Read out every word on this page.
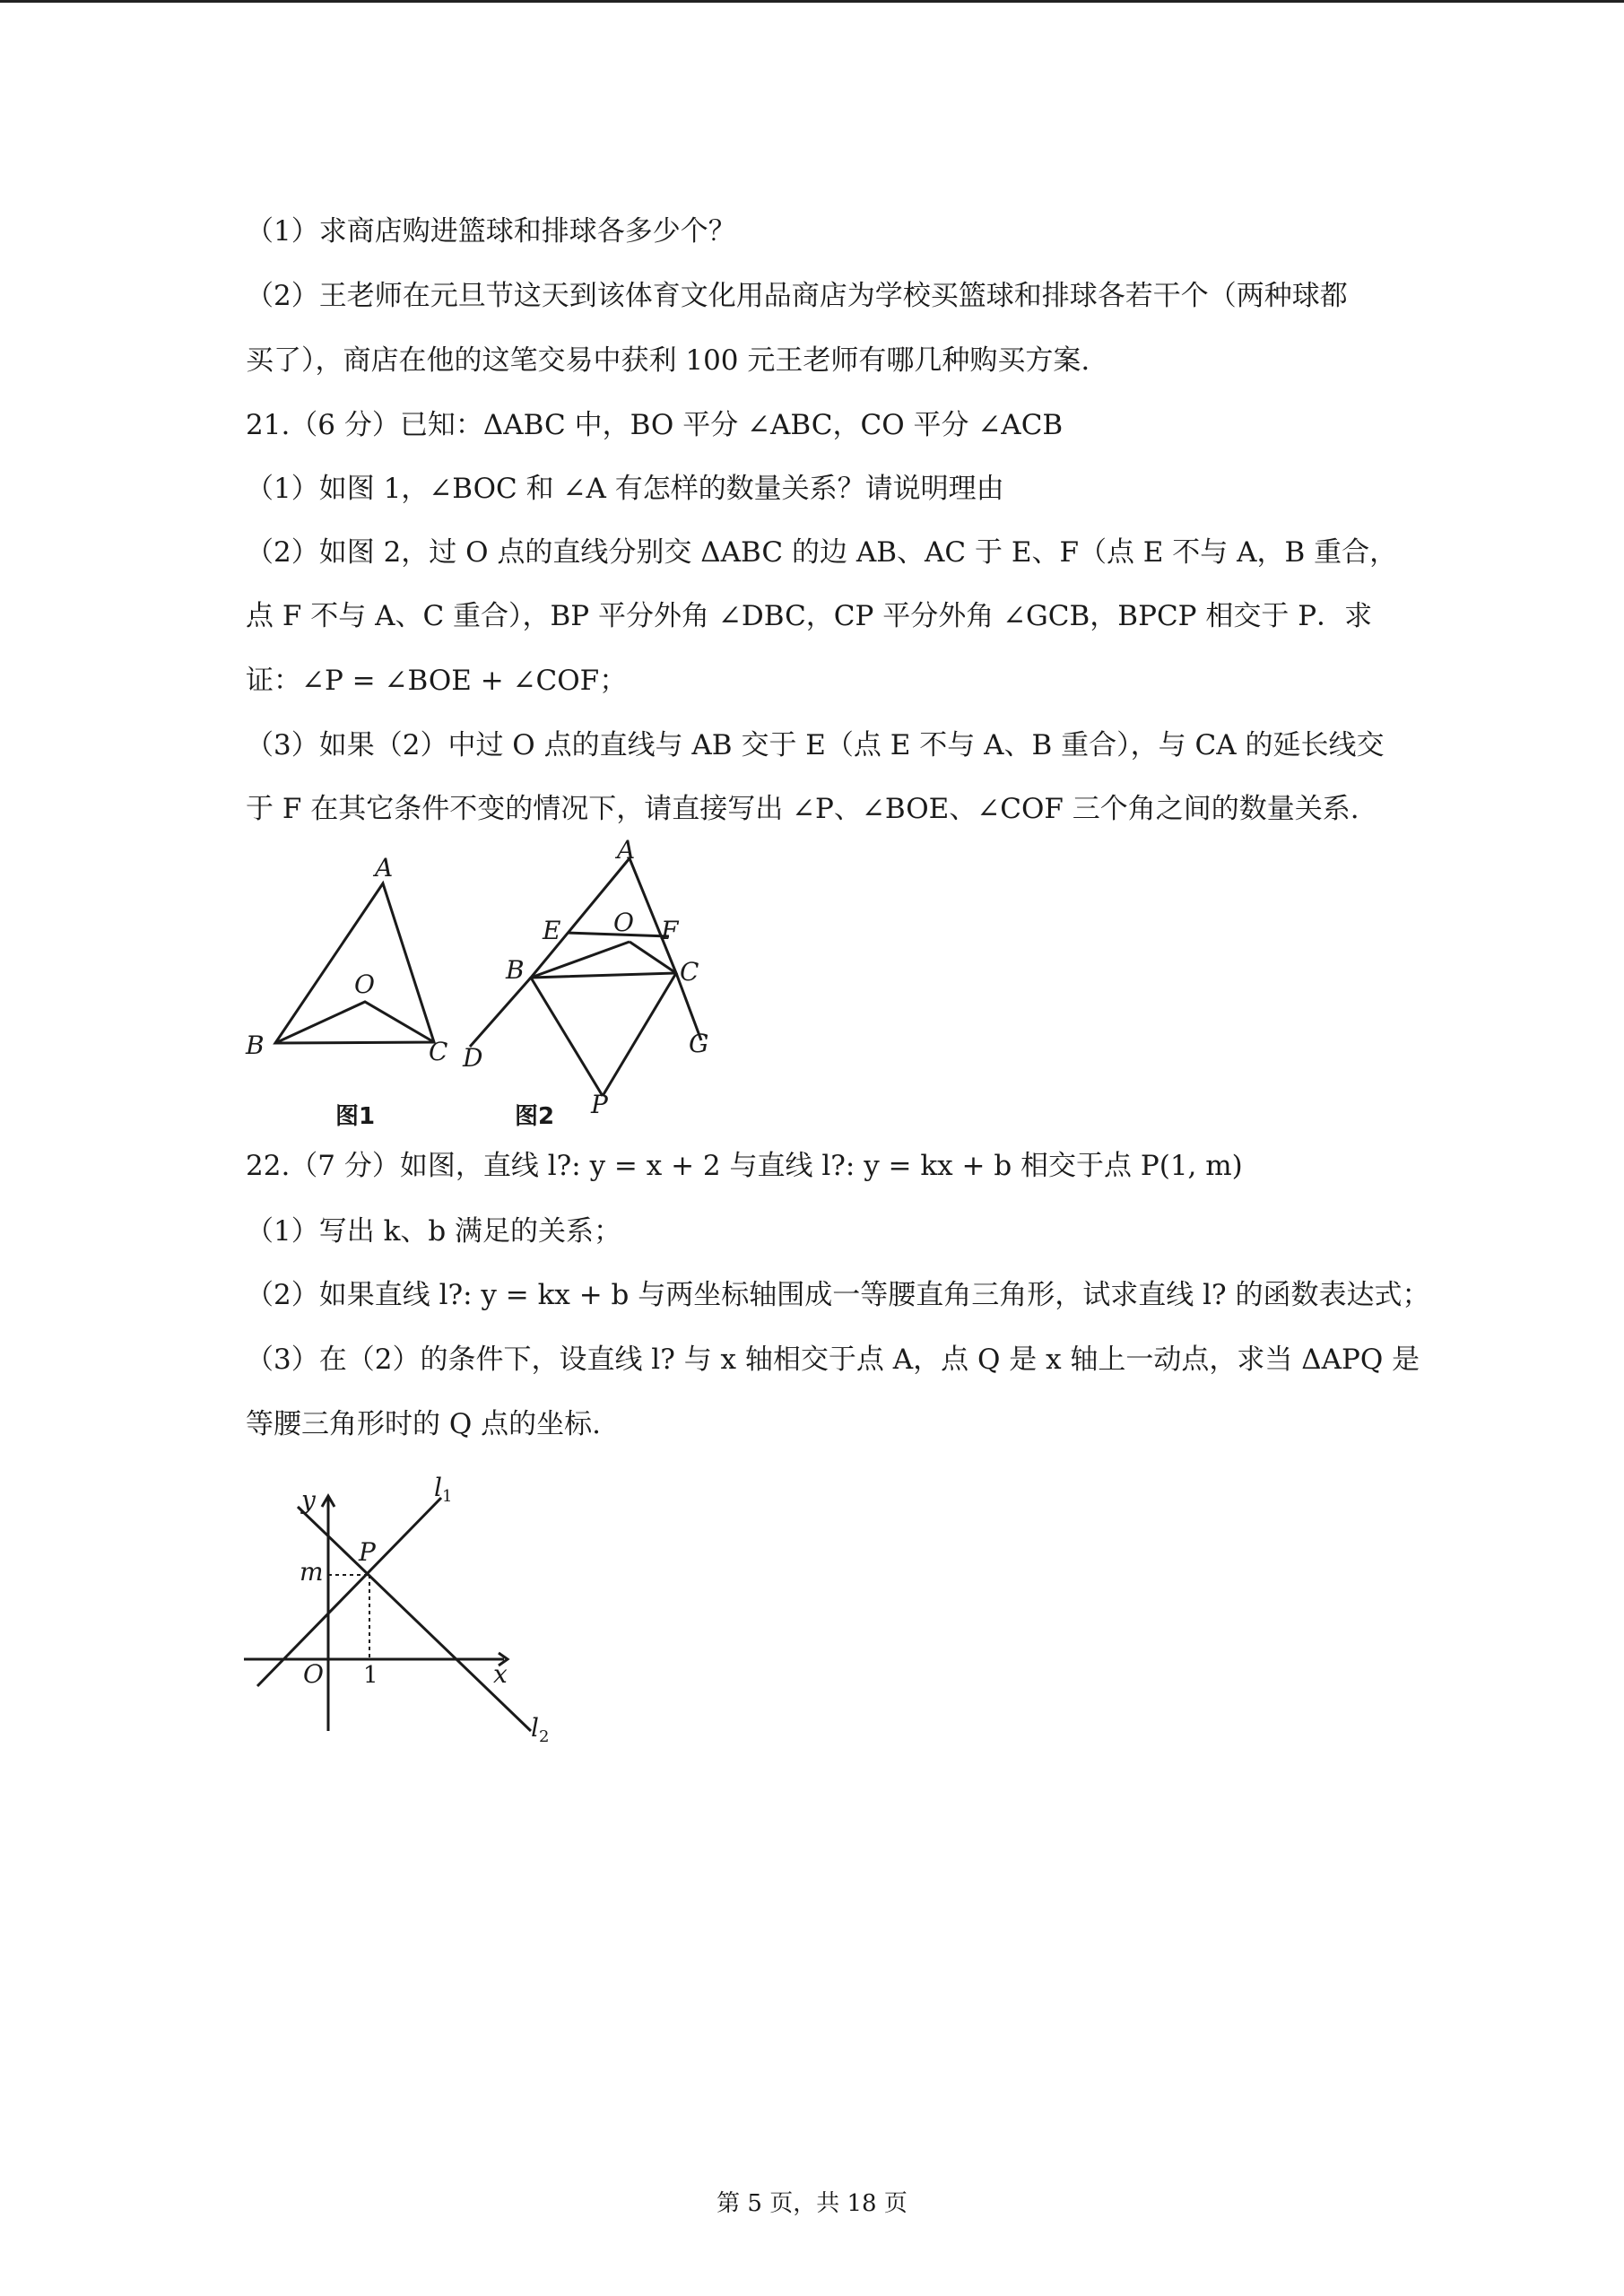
（1）求商店购进篮球和排球各多少个？
（2）王老师在元旦节这天到该体育文化用品商店为学校买篮球和排球各若干个（两种球都
买了），商店在他的这笔交易中获利 100 元王老师有哪几种购买方案.
21.（6 分）已知：ΔABC 中，BO 平分 ∠ABC，CO 平分 ∠ACB
（1）如图 1，∠BOC 和 ∠A 有怎样的数量关系？请说明理由
（2）如图 2，过 O 点的直线分别交 ΔABC 的边 AB、AC 于 E、F（点 E 不与 A，B 重合，
点 F 不与 A、C 重合），BP 平分外角 ∠DBC，CP 平分外角 ∠GCB，BPCP 相交于 P．求
证：∠P = ∠BOE + ∠COF；
（3）如果（2）中过 O 点的直线与 AB 交于 E（点 E 不与 A、B 重合），与 CA 的延长线交
于 F 在其它条件不变的情况下，请直接写出 ∠P、∠BOE、∠COF 三个角之间的数量关系.
A
B	C
O
图1
A
E O F
B	C
D	G
P
图2
22.（7 分）如图，直线 l?: y = x + 2 与直线 l?: y = kx + b 相交于点 P(1, m)
（1）写出 k、b 满足的关系；
（2）如果直线 l?: y = kx + b 与两坐标轴围成一等腰直角三角形，试求直线 l? 的函数表达式；
（3）在（2）的条件下，设直线 l? 与 x 轴相交于点 A，点 Q 是 x 轴上一动点，求当 ΔAPQ 是
等腰三角形时的 Q 点的坐标.
y
x
O
m
P
1
$l_1$
$l_2$
第 5 页，共 18 页
